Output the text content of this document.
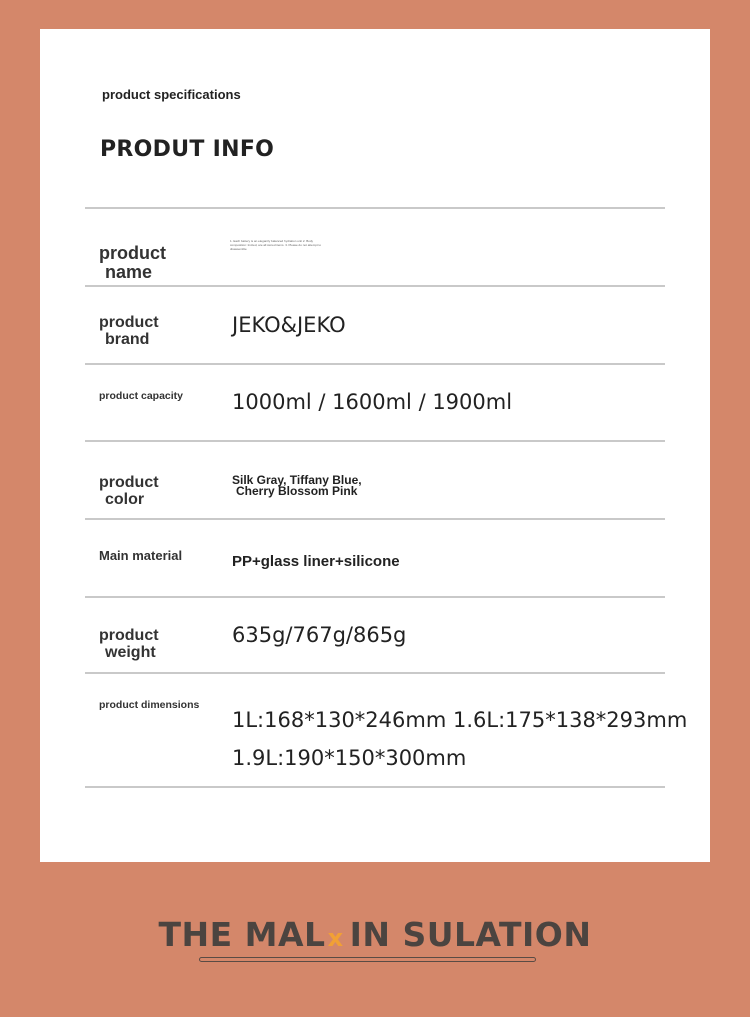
product specifications
PRODUT INFO
product
name
1. Each battery is an elegantly balanced hydration unit 2. Body composition: Invited, are all stored items. 3. Please do not attempt to disassemble
product
brand
JEKO&JEKO
product capacity 1000ml / 1600ml / 1900ml
product
color
Silk Gray, Tiffany Blue,
Cherry Blossom Pink
Main material	PP+glass liner+silicone
product
weight
635g/767g/865g
product dimensions
1L:168*130*246mm 1.6L:175*138*293mm
1.9L:190*150*300mm
THE MALx IN SULATION
